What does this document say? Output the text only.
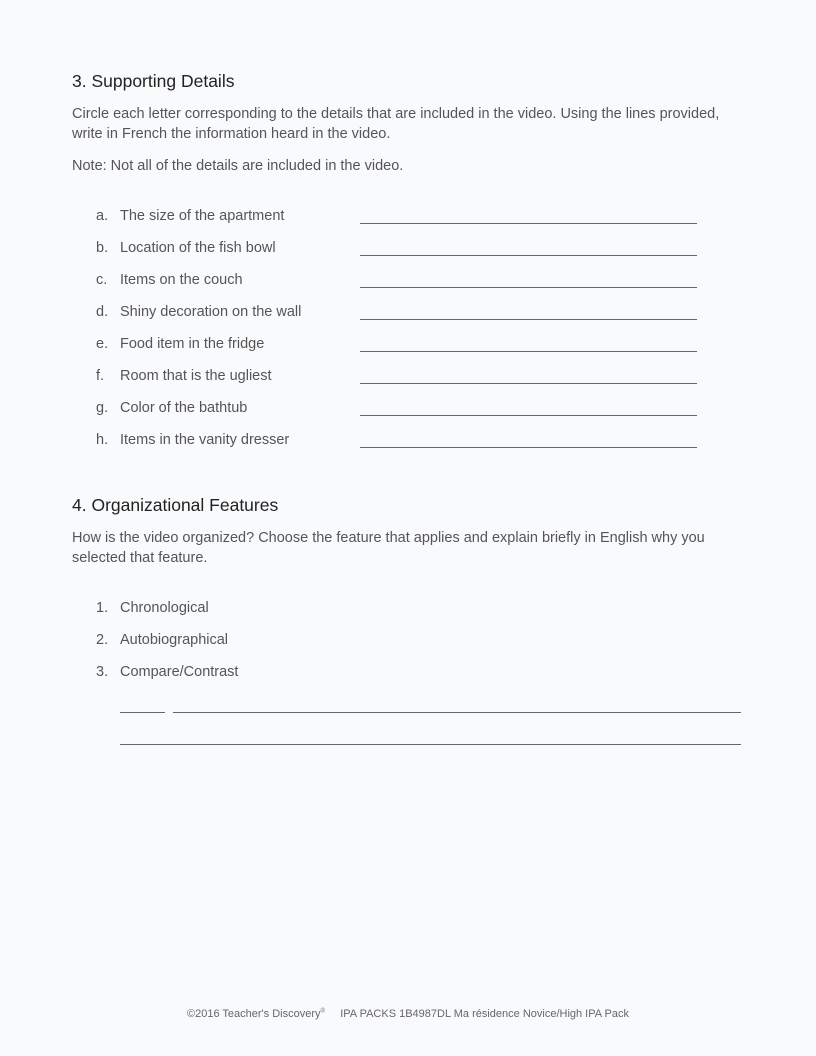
3. Supporting Details
Circle each letter corresponding to the details that are included in the video. Using the lines provided, write in French the information heard in the video.
Note: Not all of the details are included in the video.
a. The size of the apartment
b. Location of the fish bowl
c. Items on the couch
d. Shiny decoration on the wall
e. Food item in the fridge
f. Room that is the ugliest
g. Color of the bathtub
h. Items in the vanity dresser
4. Organizational Features
How is the video organized? Choose the feature that applies and explain briefly in English why you selected that feature.
1. Chronological
2. Autobiographical
3. Compare/Contrast
©2016 Teacher's Discovery® IPA PACKS 1B4987DL Ma résidence Novice/High IPA Pack
